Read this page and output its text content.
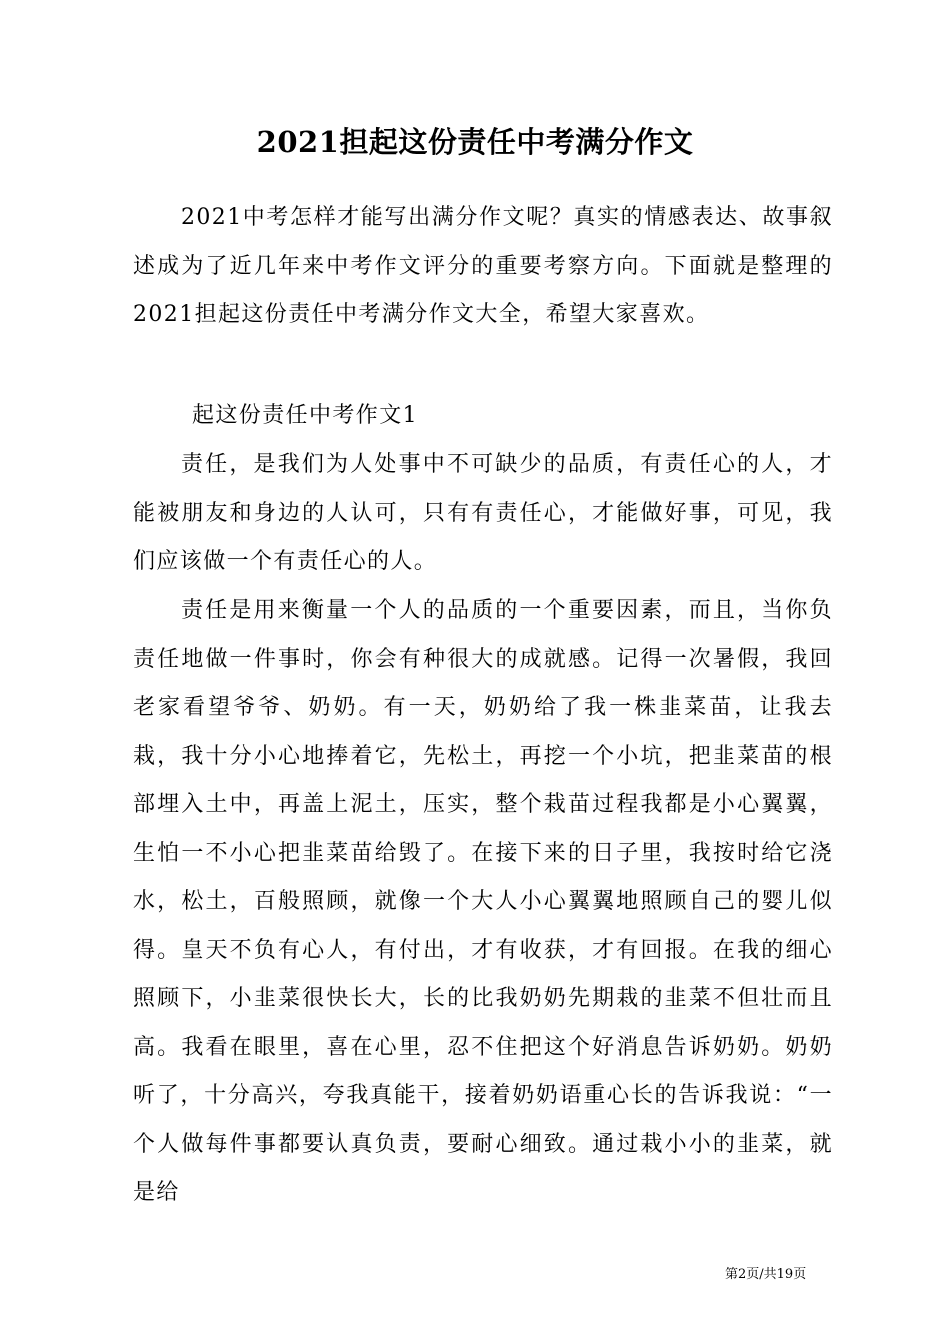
2021担起这份责任中考满分作文

2021中考怎样才能写出满分作文呢？真实的情感表达、故事叙述成为了近几年来中考作文评分的重要考察方向。下面就是整理的2021担起这份责任中考满分作文大全，希望大家喜欢。

起这份责任中考作文1

责任，是我们为人处事中不可缺少的品质，有责任心的人，才能被朋友和身边的人认可，只有有责任心，才能做好事，可见，我们应该做一个有责任心的人。

责任是用来衡量一个人的品质的一个重要因素，而且，当你负责任地做一件事时，你会有种很大的成就感。记得一次暑假，我回老家看望爷爷、奶奶。有一天，奶奶给了我一株韭菜苗，让我去栽，我十分小心地捧着它，先松土，再挖一个小坑，把韭菜苗的根部埋入土中，再盖上泥土，压实，整个栽苗过程我都是小心翼翼，生怕一不小心把韭菜苗给毁了。在接下来的日子里，我按时给它浇水，松土，百般照顾，就像一个大人小心翼翼地照顾自己的婴儿似得。皇天不负有心人，有付出，才有收获，才有回报。在我的细心照顾下，小韭菜很快长大，长的比我奶奶先期栽的韭菜不但壮而且高。我看在眼里，喜在心里，忍不住把这个好消息告诉奶奶。奶奶听了，十分高兴，夸我真能干，接着奶奶语重心长的告诉我说：“一个人做每件事都要认真负责，要耐心细致。通过栽小小的韭菜，就是给

第2页/共19页
